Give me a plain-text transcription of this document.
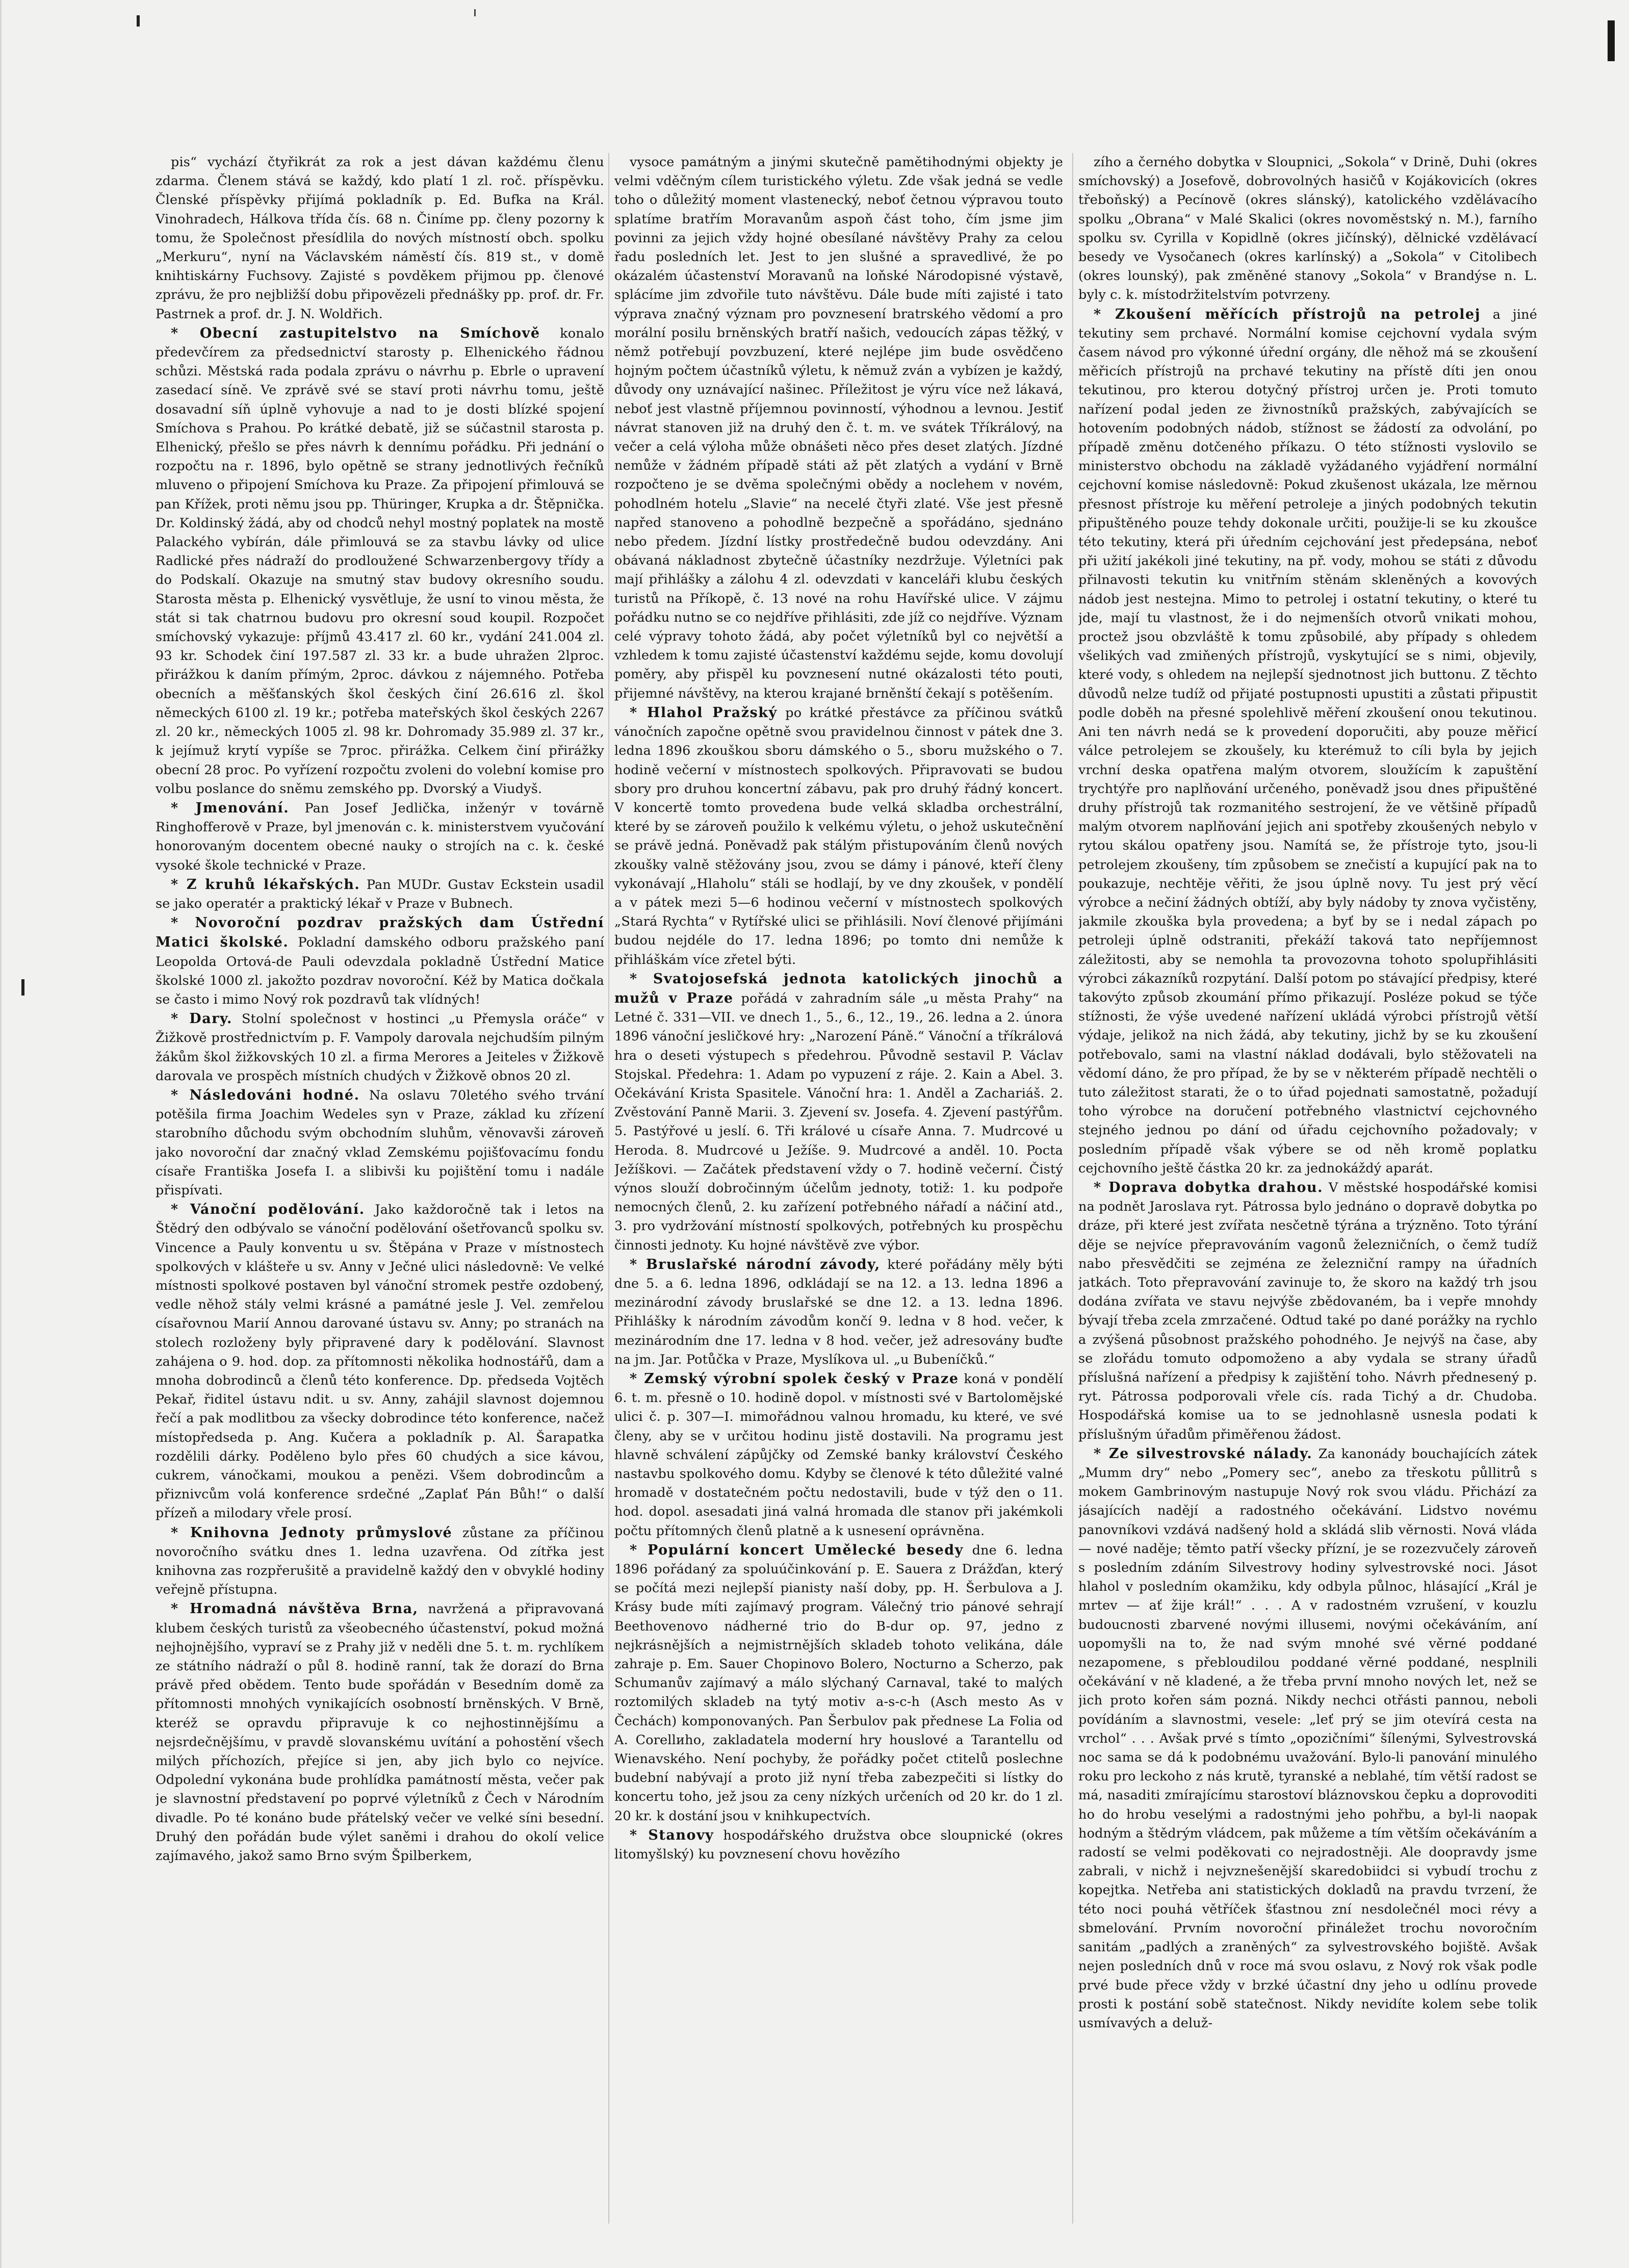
pis“ vychází čtyřikrát za rok a jest dávan každému členu zdarma. Členem stává se každý, kdo platí 1 zl. roč. příspěvku. Členské příspěvky přijímá pokladník p. Ed. Bufka na Král. Vinohradech, Hálkova třída čís. 68 n. Činíme pp. členy pozorny k tomu, že Společnost přesídlila do nových místností obch. spolku „Merkuru“, nyní na Václavském náměstí čís. 819 st., v domě knihtiskárny Fuchsovy. Zajisté s povděkem přijmou pp. členové zprávu, že pro nejbližší dobu připovězeli přednášky pp. prof. dr. Fr. Pastrnek a prof. dr. J. N. Woldřich.

* Obecní zastupitelstvo na Smíchově konalo předevčírem za předsednictví starosty p. Elhenického řádnou schůzi. Městská rada podala zprávu o návrhu p. Ebrle o upravení zasedací síně. Ve zprávě své se staví proti návrhu tomu, ještě dosavadní síň úplně vyhovuje a nad to je dosti blízké spojení Smíchova s Prahou. Po krátké debatě, již se súčastnil starosta p. Elhenický, přešlo se přes návrh k dennímu pořádku. Při jednání o rozpočtu na r. 1896, bylo opětně se strany jednotlivých řečníků mluveno o připojení Smíchova ku Praze. Za připojení přimlouvá se pan Křížek, proti němu jsou pp. Thüringer, Krupka a dr. Štěpnička. Dr. Koldinský žádá, aby od chodců nehyl mostný poplatek na mostě Palackého vybírán, dále přimlouvá se za stavbu lávky od ulice Radlické přes nádraží do prodloužené Schwarzenbergovy třídy a do Podskalí. Okazuje na smutný stav budovy okresního soudu. Starosta města p. Elhenický vysvětluje, že usní to vinou města, že stát si tak chatrnou budovu pro okresní soud koupil. Rozpočet smíchovský vykazuje: příjmů 43.417 zl. 60 kr., vydání 241.004 zl. 93 kr. Schodek činí 197.587 zl. 33 kr. a bude uhražen 2lproc. přirážkou k daním přímým, 2proc. dávkou z nájemného. Potřeba obecních a měšťanských škol českých činí 26.616 zl. škol německých 6100 zl. 19 kr.; potřeba mateřských škol českých 2267 zl. 20 kr., německých 1005 zl. 98 kr. Dohromady 35.989 zl. 37 kr., k jejímuž krytí vypíše se 7proc. přirážka. Celkem činí přirážky obecní 28 proc. Po vyřízení rozpočtu zvoleni do volební komise pro volbu poslance do sněmu zemského pp. Dvorský a Viudyš.

* Jmenování. Pan Josef Jedlička, inženýr v továrně Ringhofferově v Praze, byl jmenován c. k. ministerstvem vyučování honorovaným docentem obecné nauky o strojích na c. k. české vysoké škole technické v Praze.

* Z kruhů lékařských. Pan MUDr. Gustav Eckstein usadil se jako operatér a praktický lékař v Praze v Bubnech.

* Novoroční pozdrav pražských dam Ústřední Matici školské. Pokladní damského odboru pražského paní Leopolda Ortová-de Pauli odevzdala pokladně Ústřední Matice školské 1000 zl. jakožto pozdrav novoroční. Kéž by Matica dočkala se často i mimo Nový rok pozdravů tak vlídných!

* Dary. Stolní společnost v hostinci „u Přemysla oráče“ v Žižkově prostřednictvím p. F. Vampoly darovala nejchudším pilným žákům škol žižkovských 10 zl. a firma Merores a Jeiteles v Žižkově darovala ve prospěch místních chudých v Žižkově obnos 20 zl.

* Následováni hodné. Na oslavu 70letého svého trvání potěšila firma Joachim Wedeles syn v Praze, základ ku zřízení starobního důchodu svým obchodním sluhům, věnovavši zároveň jako novoroční dar značný vklad Zemskému pojišťovacímu fondu císaře Františka Josefa I. a slibivši ku pojištění tomu i nadále přispívati.

* Vánoční podělování. Jako každoročně tak i letos na Štědrý den odbývalo se vánoční podělování ošetřovanců spolku sv. Vincence a Pauly konventu u sv. Štěpána v Praze v místnostech spolkových v klášteře u sv. Anny v Ječné ulici následovně: Ve velké místnosti spolkové postaven byl vánoční stromek pestře ozdobený, vedle něhož stály velmi krásné a památné jesle J. Vel. zemřelou císařovnou Marií Annou darované ústavu sv. Anny; po stranách na stolech rozloženy byly připravené dary k podělování. Slavnost zahájena o 9. hod. dop. za přítomnosti několika hodnostářů, dam a mnoha dobrodinců a členů této konference. Dp. předseda Vojtěch Pekař, řiditel ústavu ndit. u sv. Anny, zahájil slavnost dojemnou řečí a pak modlitbou za všecky dobrodince této konference, načež místopředseda p. Ang. Kučera a pokladník p. Al. Šarapatka rozdělili dárky. Poděleno bylo přes 60 chudých a sice kávou, cukrem, vánočkami, moukou a penězi. Všem dobrodincům a přiznivcům volá konference srdečné „Zaplať Pán Bůh!“ o další přízeň a milodary vřele prosí.

* Knihovna Jednoty průmyslové zůstane za příčinou novoročního svátku dnes 1. ledna uzavřena. Od zítřka jest knihovna zas rozpřerušitě a pravidelně každý den v obvyklé hodiny veřejně přístupna.

* Hromadná návštěva Brna, navržená a připravovaná klubem českých turistů za všeobecného účastenství, pokud možná nejhojnějšího, vypraví se z Prahy již v neděli dne 5. t. m. rychlíkem ze státního nádraží o půl 8. hodině ranní, tak že dorazí do Brna právě před obědem. Tento bude spořádán v Besedním domě za přítomnosti mnohých vynikajících osobností brněnských. V Brně, kteréž se opravdu připravuje k co nejhostinnějšímu a nejsrdečnějšímu, v pravdě slovanskému uvítání a pohostění všech milých příchozích, přejíce si jen, aby jich bylo co nejvíce. Odpolední vykonána bude prohlídka památností města, večer pak je slavnostní představení po poprvé výletníků z Čech v Národním divadle. Po té konáno bude přátelský večer ve velké síni besední. Druhý den pořádán bude výlet saněmi i drahou do okolí velice zajímavého, jakož samo Brno svým Špilberkem,

vysoce památným a jinými skutečně pamětihodnými objekty je velmi vděčným cílem turistického výletu. Zde však jedná se vedle toho o důležitý moment vlastenecký, neboť četnou výpravou touto splatíme bratřím Moravanům aspoň část toho, čím jsme jim povinni za jejich vždy hojné obesílané návštěvy Prahy za celou řadu posledních let. Jest to jen slušné a spravedlivé, že po okázalém účastenství Moravanů na loňské Národopisné výstavě, splácíme jim zdvořile tuto návštěvu. Dále bude míti zajisté i tato výprava značný význam pro povznesení bratrského vědomí a pro morální posilu brněnských bratří našich, vedoucích zápas těžký, v němž potřebují povzbuzení, které nejlépe jim bude osvědčeno hojným počtem účastníků výletu, k němuž zván a vybízen je každý, důvody ony uznávající našinec. Příležitost je výru více než lákavá, neboť jest vlastně příjemnou povinností, výhodnou a levnou. Jestiť návrat stanoven již na druhý den č. t. m. ve svátek Tříkrálový, na večer a celá výloha může obnášeti něco přes deset zlatých. Jízdné nemůže v žádném případě státi až pět zlatých a vydání v Brně rozpočteno je se dvěma společnými obědy a noclehem v novém, pohodlném hotelu „Slavie“ na necelé čtyři zlaté. Vše jest přesně napřed stanoveno a pohodlně bezpečně a spořádáno, sjednáno nebo předem. Jízdní lístky prostředečně budou odevzdány. Ani obávaná nákladnost zbytečně účastníky nezdržuje. Výletníci pak mají přihlášky a zálohu 4 zl. odevzdati v kanceláři klubu českých turistů na Příkopě, č. 13 nové na rohu Havířské ulice. V zájmu pořádku nutno se co nejdříve přihlásiti, zde jíž co nejdříve. Význam celé výpravy tohoto žádá, aby počet výletníků byl co největší a vzhledem k tomu zajisté účastenství každému sejde, komu dovolují poměry, aby přispěl ku povznesení nutné okázalosti této pouti, přijemné návštěvy, na kterou krajané brněnští čekají s potěšením.

* Hlahol Pražský po krátké přestávce za příčinou svátků vánočních započne opětně svou pravidelnou činnost v pátek dne 3. ledna 1896 zkouškou sboru dámského o 5., sboru mužského o 7. hodině večerní v místnostech spolkových. Připravovati se budou sbory pro druhou koncertní zábavu, pak pro druhý řádný koncert. V koncertě tomto provedena bude velká skladba orchestrální, které by se zároveň použilo k velkému výletu, o jehož uskutečnění se právě jedná. Poněvadž pak stálým přistupováním členů nových zkoušky valně stěžovány jsou, zvou se dámy i pánové, kteří členy vykonávají „Hlaholu“ stáli se hodlají, by ve dny zkoušek, v pondělí a v pátek mezi 5—6 hodinou večerní v místnostech spolkových „Stará Rychta“ v Rytířské ulici se přihlásili. Noví členové přijímáni budou nejdéle do 17. ledna 1896; po tomto dni nemůže k přihláškám více zřetel býti.

* Svatojosefská jednota katolických jinochů a mužů v Praze pořádá v zahradním sále „u města Prahy“ na Letné č. 331—VII. ve dnech 1., 5., 6., 12., 19., 26. ledna a 2. února 1896 vánoční jesličkové hry: „Narození Páně.“ Vánoční a tříkrálová hra o deseti výstupech s předehrou. Původně sestavil P. Václav Stojskal. Předehra: 1. Adam po vypuzení z ráje. 2. Kain a Abel. 3. Očekávání Krista Spasitele. Vánoční hra: 1. Anděl a Zachariáš. 2. Zvěstování Panně Marii. 3. Zjevení sv. Josefa. 4. Zjevení pastýřům. 5. Pastýřové u jeslí. 6. Tři králové u císaře Anna. 7. Mudrcové u Heroda. 8. Mudrcové u Ježíše. 9. Mudrcové a anděl. 10. Poctа Ježíškovi. — Začátek představení vždy o 7. hodině večerní. Čistý výnos slouží dobročinným účelům jednoty, totiž: 1. ku podpoře nemocných členů, 2. ku zařízení potřebného nářadí a náčiní atd., 3. pro vydržování místností spolkových, potřebných ku prospěchu činnosti jednoty. Ku hojné návštěvě zve výbor.

* Bruslařské národní závody, které pořádány měly býti dne 5. a 6. ledna 1896, odkládají se na 12. a 13. ledna 1896 a mezinárodní závody bruslařské se dne 12. a 13. ledna 1896. Přihlášky k národním závodům končí 9. ledna v 8 hod. večer, k mezinárodním dne 17. ledna v 8 hod. večer, jež adresovány buďte na jm. Jar. Potůčka v Praze, Myslíkova ul. „u Bubeníčků.“

* Zemský výrobní spolek český v Praze koná v pondělí 6. t. m. přesně o 10. hodině dopol. v místnosti své v Bartolomějské ulici č. p. 307—I. mimořádnou valnou hromadu, ku které, ve své členy, aby se v určitou hodinu jistě dostavili. Na programu jest hlavně schválení zápůjčky od Zemské banky království Českého nastavbu spolkového domu. Kdyby se členové k této důležité valné hromadě v dostatečném počtu nedostavili, bude v týž den o 11. hod. dopol. asesadati jiná valná hromada dle stanov při jakémkoli počtu přítomných členů platně a k usnesení oprávněna.

* Populární koncert Umělecké besedy dne 6. ledna 1896 pořádaný za spoluúčinkování p. E. Sauera z Drážďan, který se počítá mezi nejlepší pianisty naší doby, pp. H. Šerbulova a J. Krásy bude míti zajímavý program. Válečný trio pánové sehrají Beethovenovo nádherné trio do B-dur op. 97, jedno z nejkrásnějších a nejmistrnějších skladeb tohoto velikána, dále zahraje p. Em. Sauer Chopinovo Bolero, Nocturno a Scherzo, pak Schumanův zajímavý a málo slýchaný Carnaval, také to malých roztomilých skladeb na tytý motiv a-s-c-h (Asch mesto As v Čechách) komponovaných. Pan Šerbulov pak přednese La Folia od A. Corellиho, zakladatela moderní hry houslové a Tarantellu od Wienavského. Není pochyby, že pořádky počet ctitelů poslechne budební nabývají a proto již nyní třeba zabezpečiti si lístky do koncertu toho, jež jsou za ceny nízkých určeních od 20 kr. do 1 zl. 20 kr. k dostání jsou v knihkupectvích.

* Stanovy hospodářského družstva obce sloupnické (okres litomyšlský) ku povznesení chovu hovězího

zího a černého dobytka v Sloupnici, „Sokola“ v Drině, Duhi (okres smíchovský) a Josefově, dobrovolných hasičů v Kojákovicích (okres třeboňský) a Pecínově (okres slánský), katolického vzdělávacího spolku „Obrana“ v Malé Skalici (okres novoměstský n. M.), farního spolku sv. Cyrilla v Kopidlně (okres jičínský), dělnické vzdělávací besedy ve Vysočanech (okres karlínský) a „Sokola“ v Citolibech (okres lounský), pak změněné stanovy „Sokola“ v Brandýse n. L. byly c. k. místodržitelstvím potvrzeny.

* Zkoušení měřících přístrojů na petrolej a jiné tekutiny sem prchavé. Normální komise cejchovní vydala svým časem návod pro výkonné úřední orgány, dle něhož má se zkoušení měřicích přístrojů na prchavé tekutiny na přístě díti jen onou tekutinou, pro kterou dotyčný přístroj určen je. Proti tomuto nařízení podal jeden ze živnostníků pražských, zabývajících se hotovením podobných nádob, stížnost se žádostí za odvolání, po případě změnu dotčeného příkazu. O této stížnosti vyslovilo se ministerstvo obchodu na základě vyžádaného vyjádření normální cejchovní komise následovně: Pokud zkušenost ukázala, lze měrnou přesnost přístroje ku měření petroleje a jiných podobných tekutin připuštěného pouze tehdy dokonale určiti, použije-li se ku zkoušce této tekutiny, která při úředním cejchování jest předepsána, neboť při užití jakékoli jiné tekutiny, na př. vody, mohou se státi z důvodu přilnavosti tekutin ku vnitřním stěnám skleněných a kovových nádob jest nestejna. Mimo to petrolej i ostatní tekutiny, o které tu jde, mají tu vlastnost, že i do nejmenších otvorů vnikati mohou, proctež jsou obzvláště k tomu způsobilé, aby případy s ohledem všelikých vad zmiňených přístrojů, vyskytující se s nimi, objevily, které vody, s ohledem na nejlepší sjednotnost jich buttonu. Z těchto důvodů nelze tudíž od přijaté postupnosti upustiti a zůstati připustit podle doběh na přesné spolehlivě měření zkoušení onou tekutinou. Ani ten návrh nedá se k provedení doporučiti, aby pouze měřicí válce petrolejem se zkoušely, ku kterémuž to cíli byla by jejich vrchní deska opatřena malým otvorem, sloužícím k zapuštění trychtýře pro naplňování určeného, poněvadž jsou dnes připuštěné druhy přístrojů tak rozmanitého sestrojení, že ve většině případů malým otvorem naplňování jejich ani spotřeby zkoušených nebylo v rytou skálou opatřeny jsou. Namítá se, že přístroje tyto, jsou-li petrolejem zkoušeny, tím způsobem se znečistí a kupující pak na to poukazuje, nechtěje věřiti, že jsou úplně novy. Tu jest prý věcí výrobce a nečiní žádných obtíží, aby byly nádoby ty znova vyčistěny, jakmile zkouška byla provedena; a byť by se i nedal zápach po petroleji úplně odstraniti, překáží taková tato nepříjemnost záležitosti, aby se nemohla ta provozovna tohoto spolupřihlásiti výrobci zákazníků rozpytání. Další potom po stávající předpisy, které takovýto způsob zkoumání přímo přikazují. Posléze pokud se týče stížnosti, že výše uvedené nařízení ukládá výrobci přístrojů větší výdaje, jelikož na nich žádá, aby tekutiny, jichž by se ku zkoušení potřebovalo, sami na vlastní náklad dodávali, bylo stěžovateli na vědomí dáno, že pro případ, že by se v některém případě nechtěli o tuto záležitost starati, že o to úřad pojednati samostatně, požadují toho výrobce na doručení potřebného vlastnictví cejchovného stejného jednou po dání od úřadu cejchovního požadovaly; v posledním případě však výbere se od něh kromě poplatku cejchovního ještě částka 20 kr. za jednokáždý aparát.

* Doprava dobytka drahou. V městské hospodářské komisi na podnět Jaroslava ryt. Pátrossa bylo jednáno o dopravě dobytka po dráze, při které jest zvířata nesčetně týrána a trýzněno. Toto týrání děje se nejvíce přepravováním vagonů železničních, o čemž tudíž nabo přesvědčiti se zejména ze železniční rampy na úřadních jatkách. Toto přepravování zavinuje to, že skoro na každý trh jsou dodána zvířata ve stavu nejvýše zbědovaném, ba i vepře mnohdy bývají třeba zcela zmrzačené. Odtud také po dané porážky na rychlo a zvýšená působnost pražského pohodného. Je nejvýš na čase, aby se zlořádu tomuto odpomoženo a aby vydala se strany úřadů příslušná nařízení a předpisy k zajištění toho. Návrh přednesený p. ryt. Pátrossa podporovali vřele cís. rada Tichý a dr. Chudoba. Hospodářská komise ua to se jednohlasně usnesla podati k příslušným úřadům přiměřenou žádost.

* Ze silvestrovské nálady. Za kanonády bouchajících zátek „Mumm dry“ nebo „Pomery sec“, anebo za třeskotu půllitrů s mokem Gambrinovým nastupuje Nový rok svou vládu. Přichází za jásajících nadějí a radostného očekávání. Lidstvo novému panovníkovi vzdává nadšený hold a skládá slib věrnosti. Nová vláda — nové naděje; těmto patří všecky přízní, je se rozezvučely zároveň s posledním zdáním Silvestrovy hodiny sylvestrovské noci. Jásot hlahol v posledním okamžiku, kdy odbyla půlnoc, hlásající „Král je mrtev — ať žije král!“ . . . A v radostném vzrušení, v kouzlu budoucnosti zbarvené novými illusemi, novými očekáváním, aní uopomyšli na to, že nad svým mnohé své věrné poddané nezapomene, s přebloudilou poddané věrné poddané, nesplnili očekávání v ně kladené, a že třeba první mnoho nových let, než se jich proto kořen sám pozná. Nikdy nechci otřásti pannou, neboli povídáním a slavnostmi, vesele: „leť prý se jim otevírá cesta na vrchol“ . . . Avšak prvé s tímto „opozičními“ šílenými, Sylvestrovská noc sama se dá k podobnému uvažování. Bylo-li panování minulého roku pro leckoho z nás krutě, tyranské a neblahé, tím větší radost se má, nasaditi zmírajícímu starostoví bláznovskou čepku a doprovoditi ho do hrobu veselými a radostnými jeho pohřbu, a byl-li naopak hodným a štědrým vládcem, pak můžeme a tím větším očekáváním a radostí se velmi poděkovati co nejradostněji. Ale doopravdy jsme zabrali, v nichž i nejvznešenější skaredobiidci si vybudí trochu z kopejtka. Netřeba ani statistických dokladů na pravdu tvrzení, že této noci pouhá větříček šťastnou zní nesdolečnél moci révy a sbmelování. Prvním novoroční přináležet trochu novoročním sanitám „padlých a zraněných“ za sylvestrovského bojiště. Avšak nejen posledních dnů v roce má svou oslavu, z Nový rok však podle prvé bude přece vždy v brzké účastní dny jeho u odlínu provede prosti k postání sobě statečnost. Nikdy nevidíte kolem sebe tolik usmívavých a deluž-
